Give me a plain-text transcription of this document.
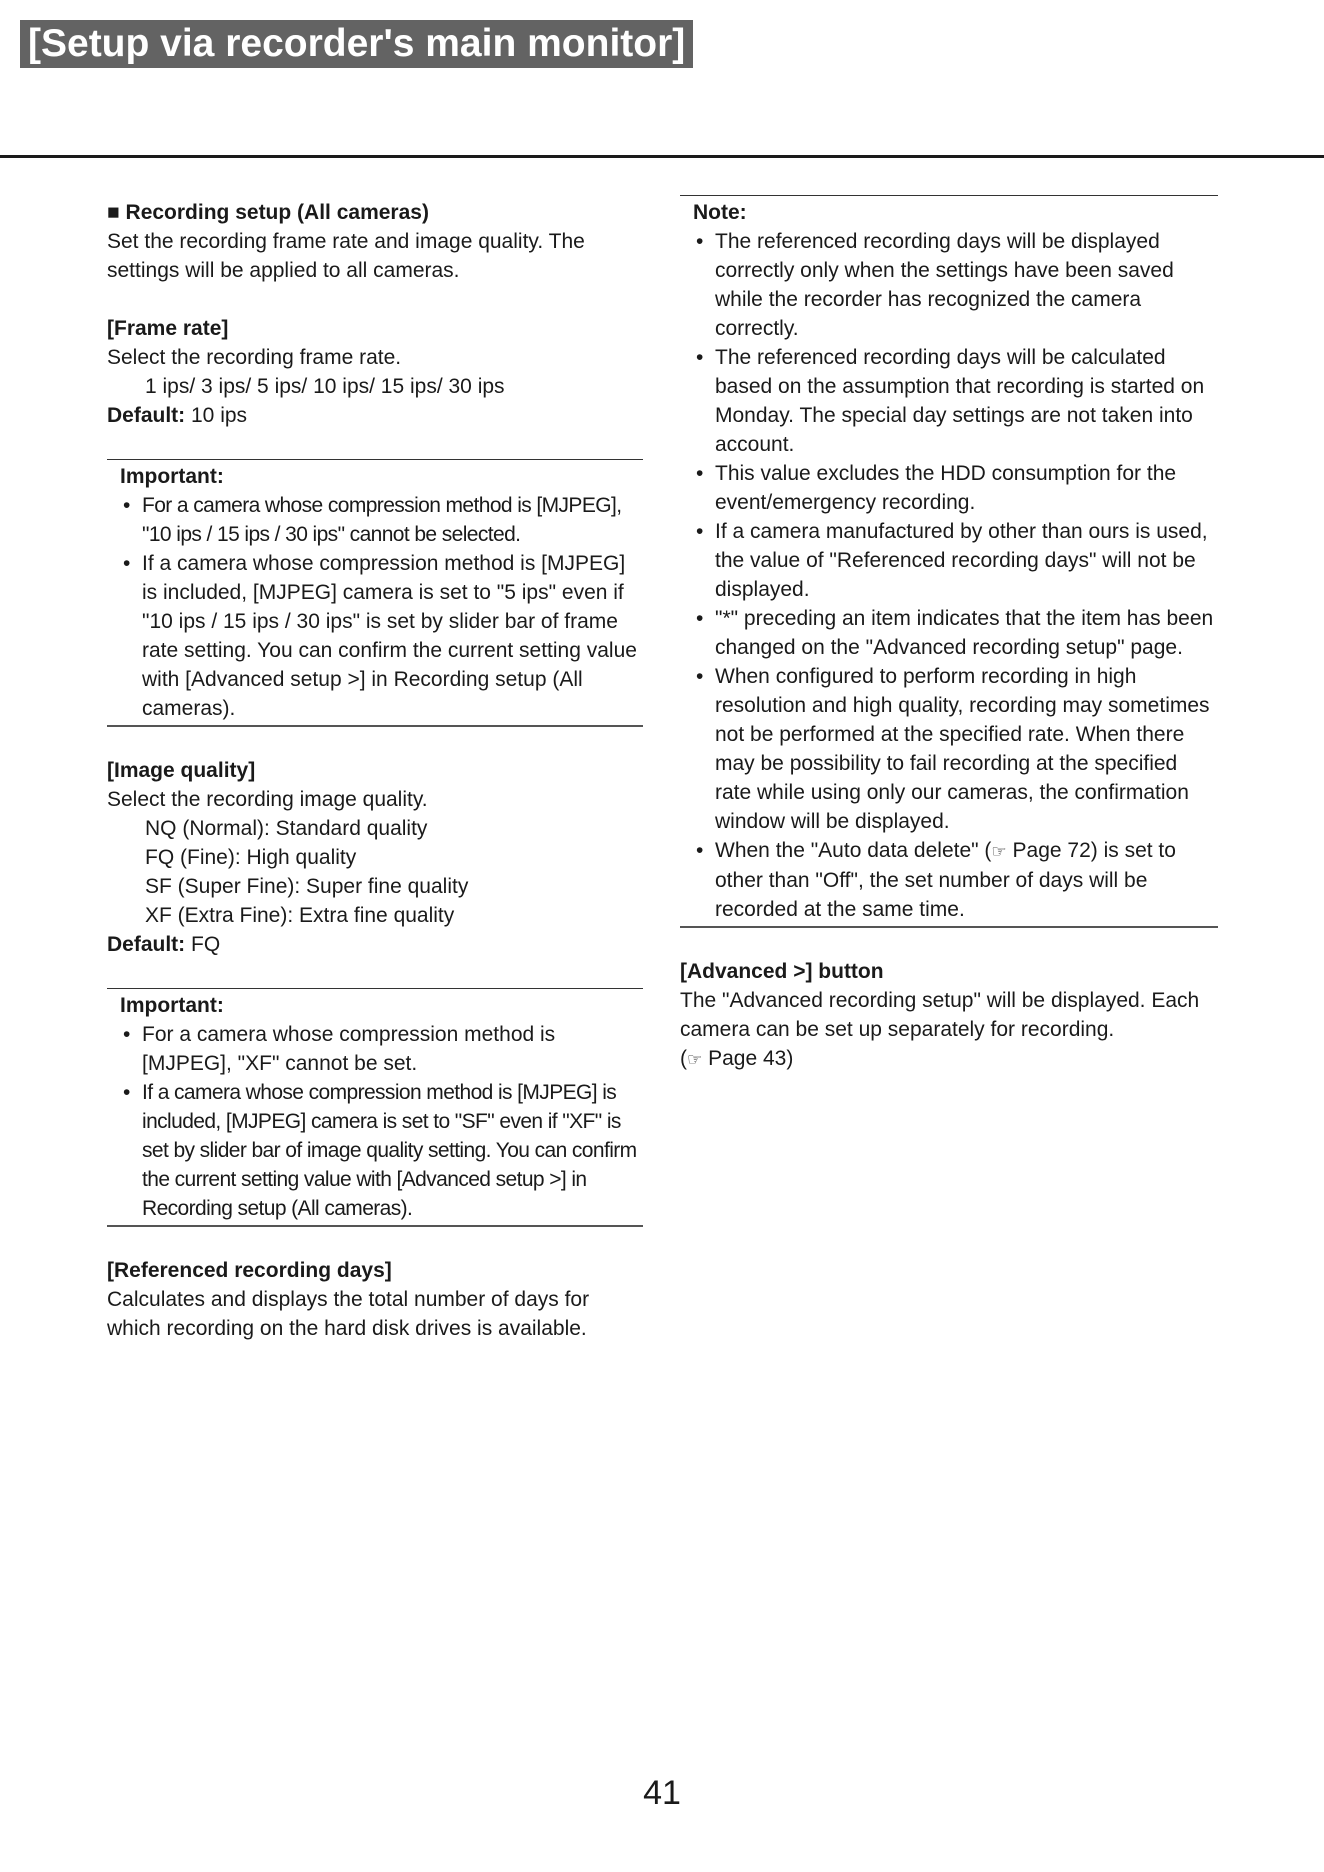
[Setup via recorder's main monitor]

■ Recording setup (All cameras)

Set the recording frame rate and image quality. The settings will be applied to all cameras.

[Frame rate]

Select the recording frame rate.

1 ips/ 3 ips/ 5 ips/ 10 ips/ 15 ips/ 30 ips

Default: 10 ips

Important:

• For a camera whose compression method is [MJPEG], "10 ips / 15 ips / 30 ips" cannot be selected.
• If a camera whose compression method is [MJPEG] is included, [MJPEG] camera is set to "5 ips" even if "10 ips / 15 ips / 30 ips" is set by slider bar of frame rate setting. You can confirm the current setting value with [Advanced setup >] in Recording setup (All cameras).

[Image quality]

Select the recording image quality.

NQ (Normal): Standard quality

FQ (Fine): High quality

SF (Super Fine): Super fine quality

XF (Extra Fine): Extra fine quality

Default: FQ

Important:

• For a camera whose compression method is [MJPEG], "XF" cannot be set.
• If a camera whose compression method is [MJPEG] is included, [MJPEG] camera is set to "SF" even if "XF" is set by slider bar of image quality setting. You can confirm the current setting value with [Advanced setup >] in Recording setup (All cameras).

[Referenced recording days]

Calculates and displays the total number of days for which recording on the hard disk drives is available.

Note:

• The referenced recording days will be displayed correctly only when the settings have been saved while the recorder has recognized the camera correctly.
• The referenced recording days will be calculated based on the assumption that recording is started on Monday. The special day settings are not taken into account.
• This value excludes the HDD consumption for the event/emergency recording.
• If a camera manufactured by other than ours is used, the value of "Referenced recording days" will not be displayed.
• "*" preceding an item indicates that the item has been changed on the "Advanced recording setup" page.
• When configured to perform recording in high resolution and high quality, recording may sometimes not be performed at the specified rate. When there may be possibility to fail recording at the specified rate while using only our cameras, the confirmation window will be displayed.
• When the "Auto data delete" (☞ Page 72) is set to other than "Off", the set number of days will be recorded at the same time.

[Advanced >] button

The "Advanced recording setup" will be displayed. Each camera can be set up separately for recording.

(☞ Page 43)

41
